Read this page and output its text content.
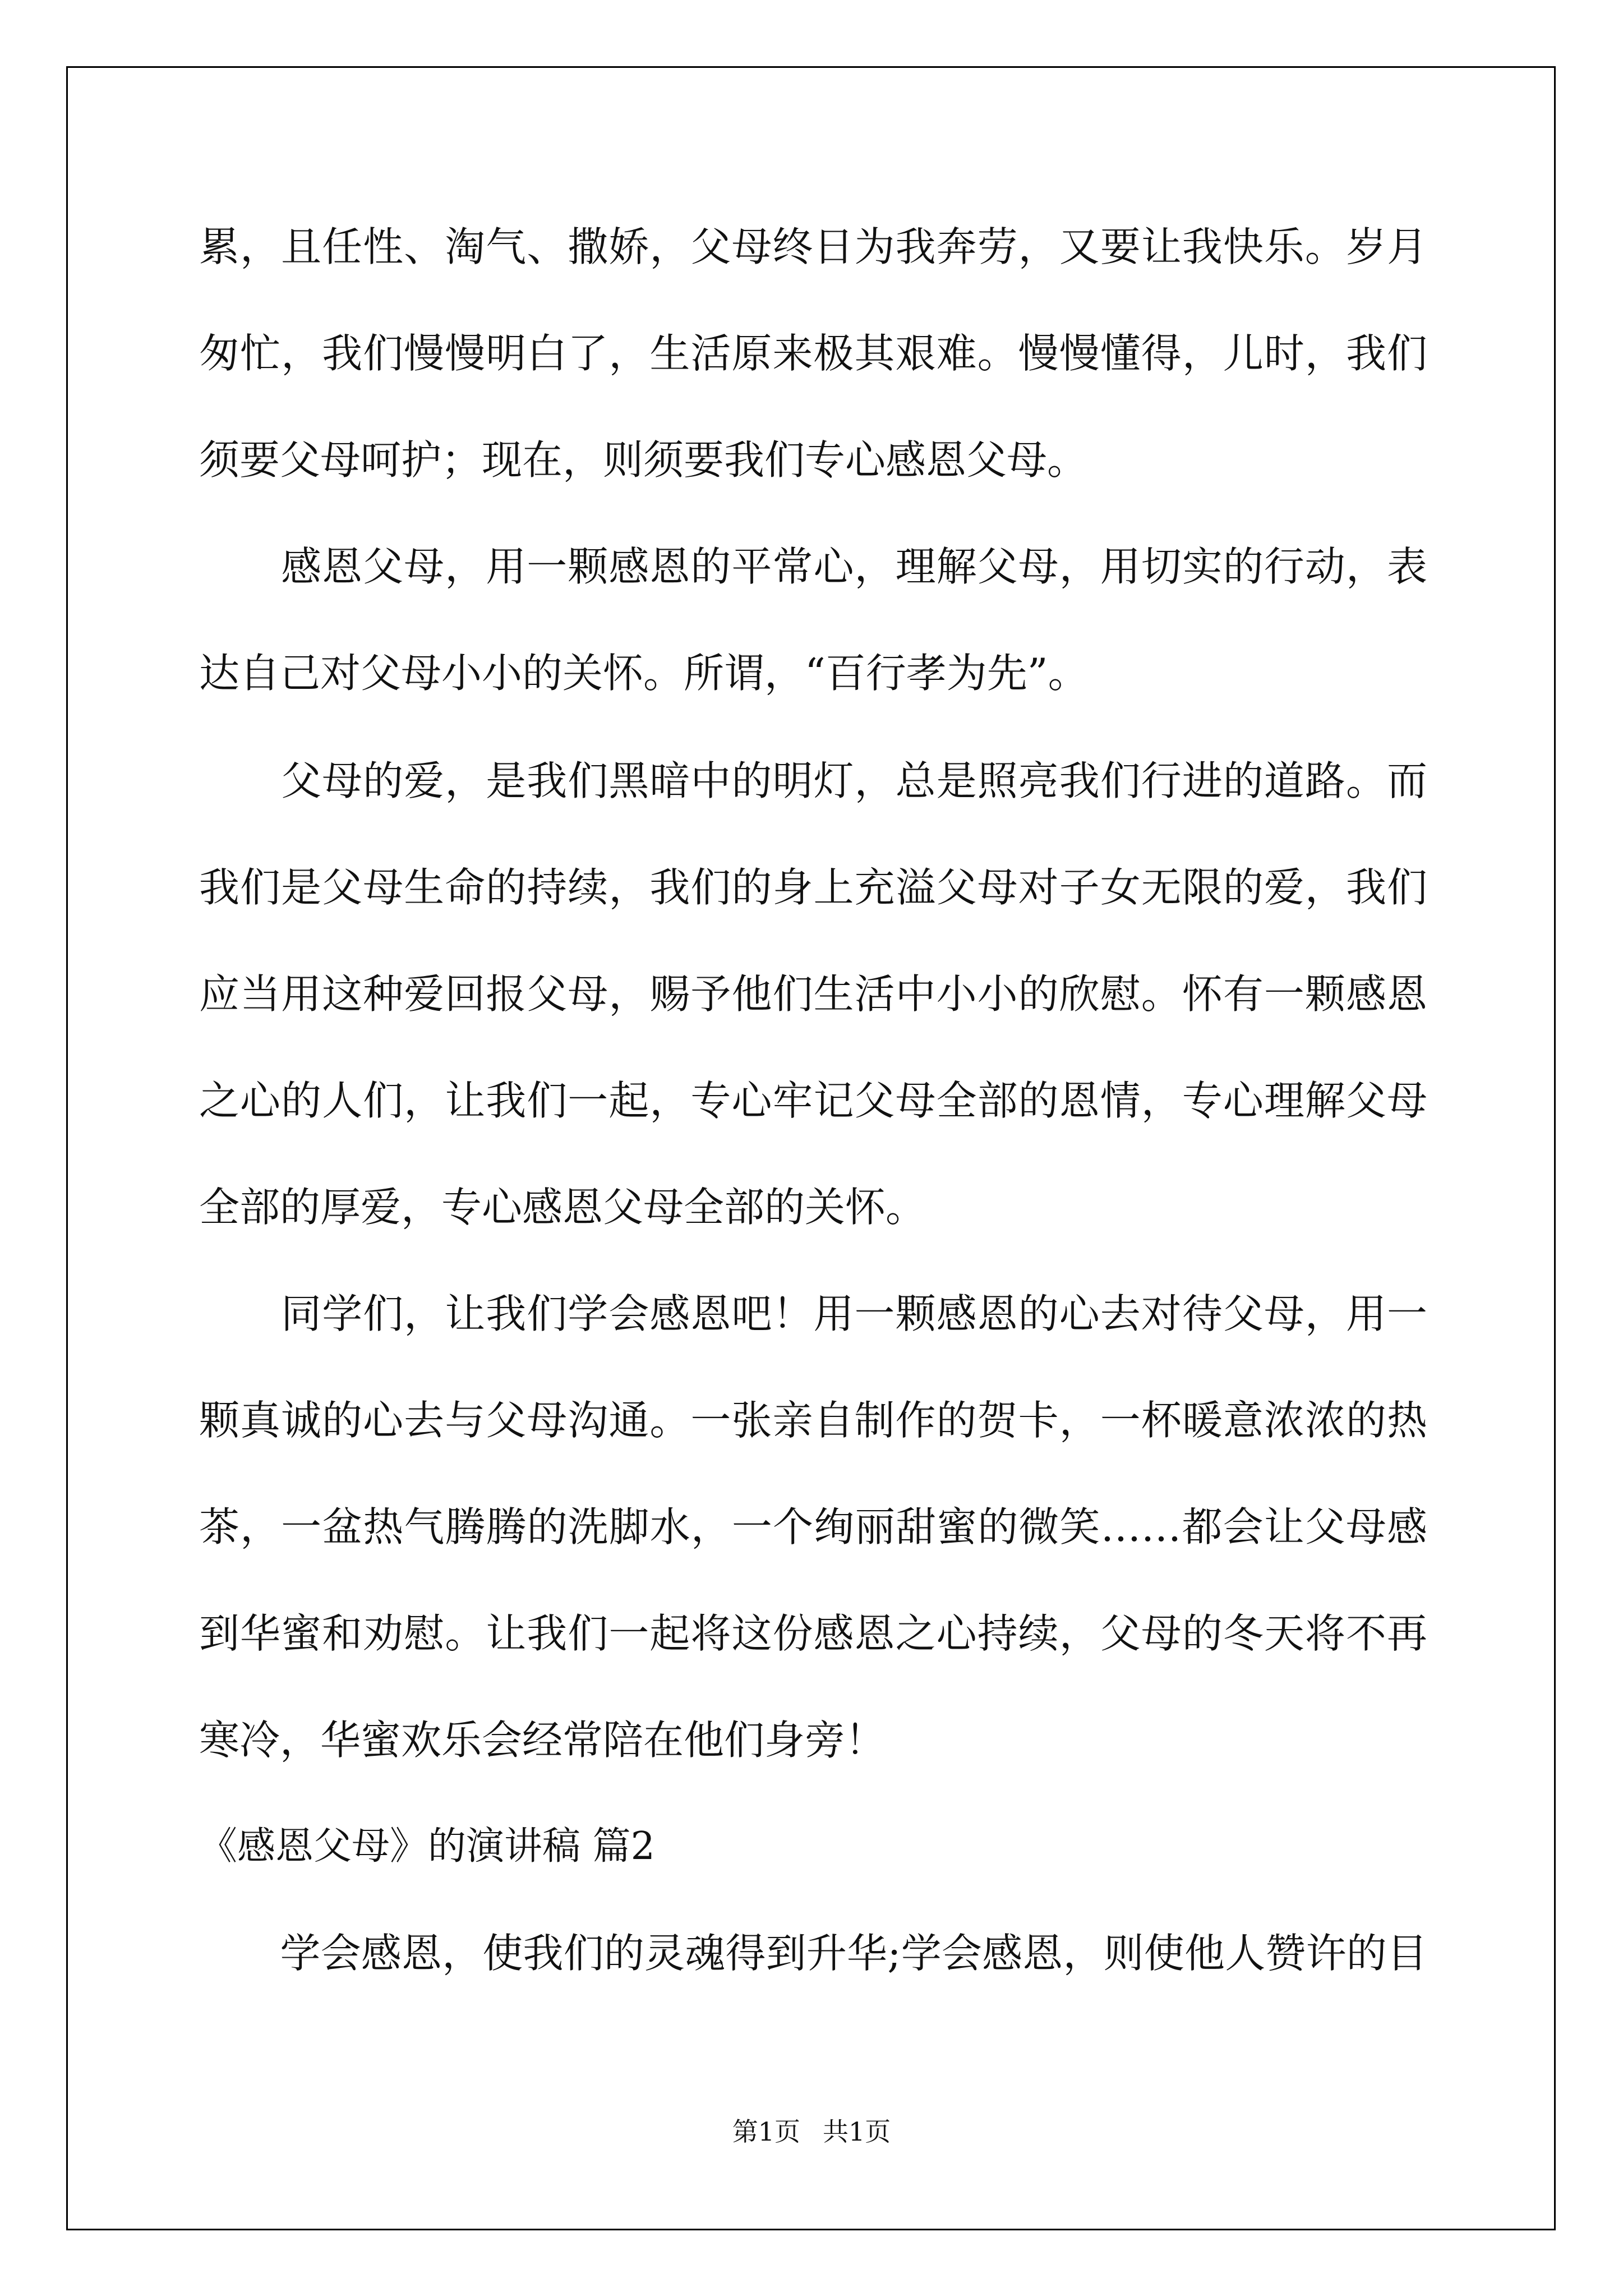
累，且任性、淘气、撒娇，父母终日为我奔劳，又要让我快乐。岁月
匆忙，我们慢慢明白了，生活原来极其艰难。慢慢懂得，儿时，我们
须要父母呵护；现在，则须要我们专心感恩父母。
　　感恩父母，用一颗感恩的平常心，理解父母，用切实的行动，表
达自己对父母小小的关怀。所谓，“百行孝为先”。
　　父母的爱，是我们黑暗中的明灯，总是照亮我们行进的道路。而
我们是父母生命的持续，我们的身上充溢父母对子女无限的爱，我们
应当用这种爱回报父母，赐予他们生活中小小的欣慰。怀有一颗感恩
之心的人们，让我们一起，专心牢记父母全部的恩情，专心理解父母
全部的厚爱，专心感恩父母全部的关怀。
　　同学们，让我们学会感恩吧！用一颗感恩的心去对待父母，用一
颗真诚的心去与父母沟通。一张亲自制作的贺卡，一杯暖意浓浓的热
茶，一盆热气腾腾的洗脚水，一个绚丽甜蜜的微笑……都会让父母感
到华蜜和劝慰。让我们一起将这份感恩之心持续，父母的冬天将不再
寒冷，华蜜欢乐会经常陪在他们身旁！
《感恩父母》的演讲稿 篇2
　　学会感恩，使我们的灵魂得到升华;学会感恩，则使他人赞许的目
第1页 共1页
